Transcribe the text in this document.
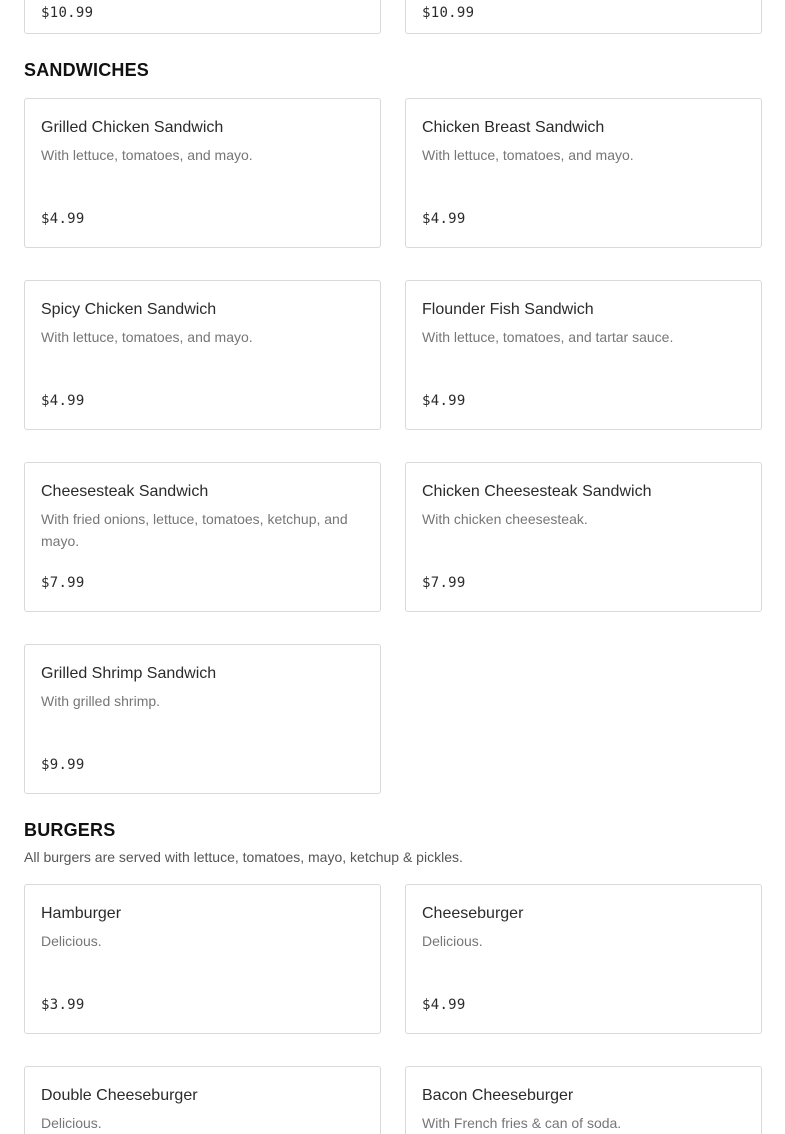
$10.99	$10.99
SANDWICHES
Grilled Chicken Sandwich
With lettuce, tomatoes, and mayo.
$4.99
Chicken Breast Sandwich
With lettuce, tomatoes, and mayo.
$4.99
Spicy Chicken Sandwich
With lettuce, tomatoes, and mayo.
$4.99
Flounder Fish Sandwich
With lettuce, tomatoes, and tartar sauce.
$4.99
Cheesesteak Sandwich
With fried onions, lettuce, tomatoes, ketchup, and mayo.
$7.99
Chicken Cheesesteak Sandwich
With chicken cheesesteak.
$7.99
Grilled Shrimp Sandwich
With grilled shrimp.
$9.99
BURGERS
All burgers are served with lettuce, tomatoes, mayo, ketchup & pickles.
Hamburger
Delicious.
$3.99
Cheeseburger
Delicious.
$4.99
Double Cheeseburger
Delicious.
Bacon Cheeseburger
With French fries & can of soda.
